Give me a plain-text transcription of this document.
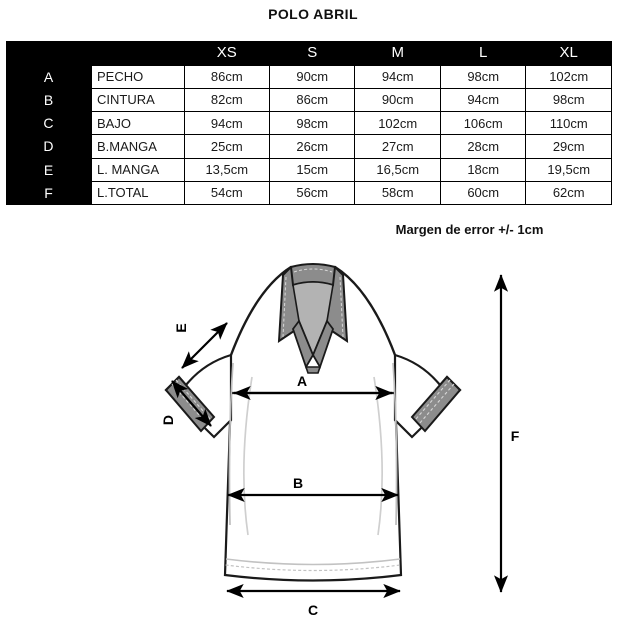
POLO ABRIL
		XS	S	M	L	XL
A	PECHO	86cm	90cm	94cm	98cm	102cm
B	CINTURA	82cm	86cm	90cm	94cm	98cm
C	BAJO	94cm	98cm	102cm	106cm	110cm
D	B.MANGA	25cm	26cm	27cm	28cm	29cm
E	L. MANGA	13,5cm	15cm	16,5cm	18cm	19,5cm
F	L.TOTAL	54cm	56cm	58cm	60cm	62cm
Margen de error +/- 1cm
A
B
C
D
E
F
